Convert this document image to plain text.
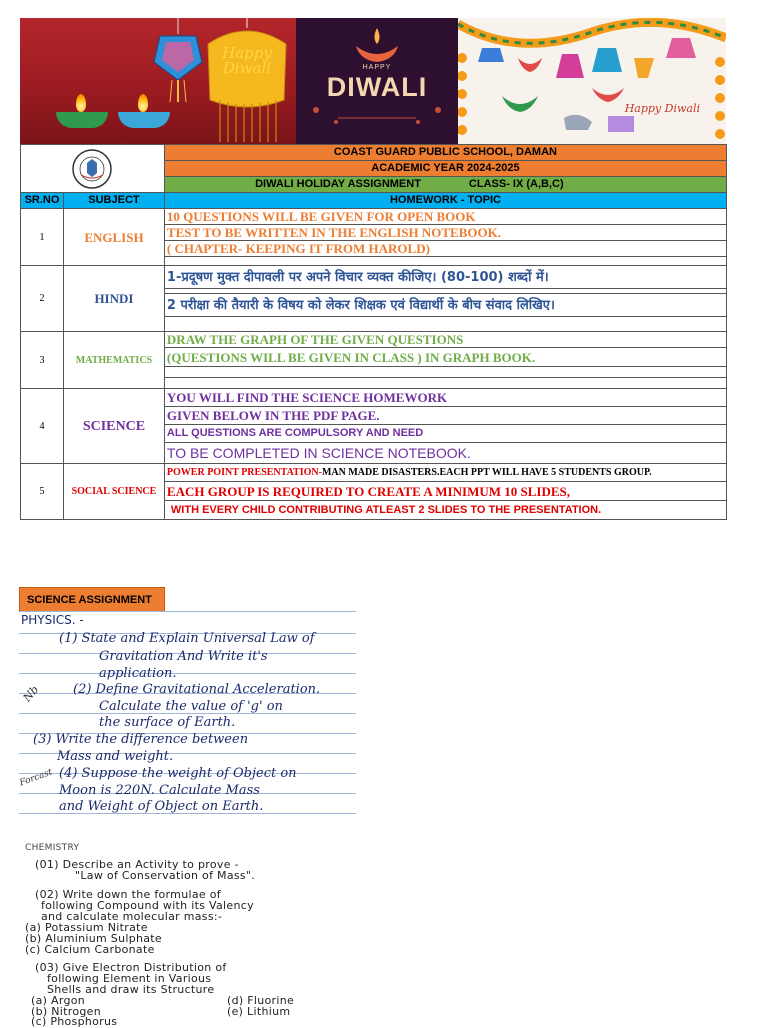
Happy Diwali	HAPPY
DIWALI
Happy Diwali
	COAST GUARD PUBLIC SCHOOL, DAMAN
		ACADEMIC YEAR 2024-2025
		DIWALI HOLIDAY ASSIGNMENT CLASS- IX (A,B,C)
SR.NO	SUBJECT	HOMEWORK - TOPIC
1	ENGLISH	10 QUESTIONS WILL BE GIVEN FOR OPEN BOOK
		TEST TO BE WRITTEN IN THE ENGLISH NOTEBOOK.
		( CHAPTER- KEEPING IT FROM HAROLD)

2	HINDI	1-प्रदूषण मुक्त दीपावली पर अपने विचार व्यक्त कीजिए। (80-100) शब्दों में।

		2 परीक्षा की तैयारी के विषय को लेकर शिक्षक एवं विद्यार्थी के बीच संवाद लिखिए।

3	MATHEMATICS	DRAW THE GRAPH OF THE GIVEN QUESTIONS
		(QUESTIONS WILL BE GIVEN IN CLASS ) IN GRAPH BOOK.

4	SCIENCE	YOU WILL FIND THE SCIENCE HOMEWORK
		GIVEN BELOW IN THE PDF PAGE.
		ALL QUESTIONS ARE COMPULSORY AND NEED
		TO BE COMPLETED IN SCIENCE NOTEBOOK.
5	SOCIAL SCIENCE	POWER POINT PRESENTATION-MAN MADE DISASTERS.EACH PPT WILL HAVE 5 STUDENTS GROUP.
		EACH GROUP IS REQUIRED TO CREATE A MINIMUM 10 SLIDES,
		WITH EVERY CHILD CONTRIBUTING ATLEAST 2 SLIDES TO THE PRESENTATION.
SCIENCE ASSIGNMENT
PHYSICS. -
(1) State and Explain Universal Law of
Gravitation And Write it's
application.
(2) Define Gravitational Acceleration.
Calculate the value of 'g' on
the surface of Earth.
(3) Write the difference between
Mass and weight.
(4) Suppose the weight of Object on
Moon is 220N. Calculate Mass
and Weight of Object on Earth.
Nb
Forcast
CHEMISTRY
(01) Describe an Activity to prove -
"Law of Conservation of Mass".
(02) Write down the formulae of
following Compound with its Valency
and calculate molecular mass:-
(a) Potassium Nitrate
(b) Aluminium Sulphate
(c) Calcium Carbonate
(03) Give Electron Distribution of
following Element in Various
Shells and draw its Structure
(a) Argon	(d) Fluorine
(b) Nitrogen	(e) Lithium
(c) Phosphorus
